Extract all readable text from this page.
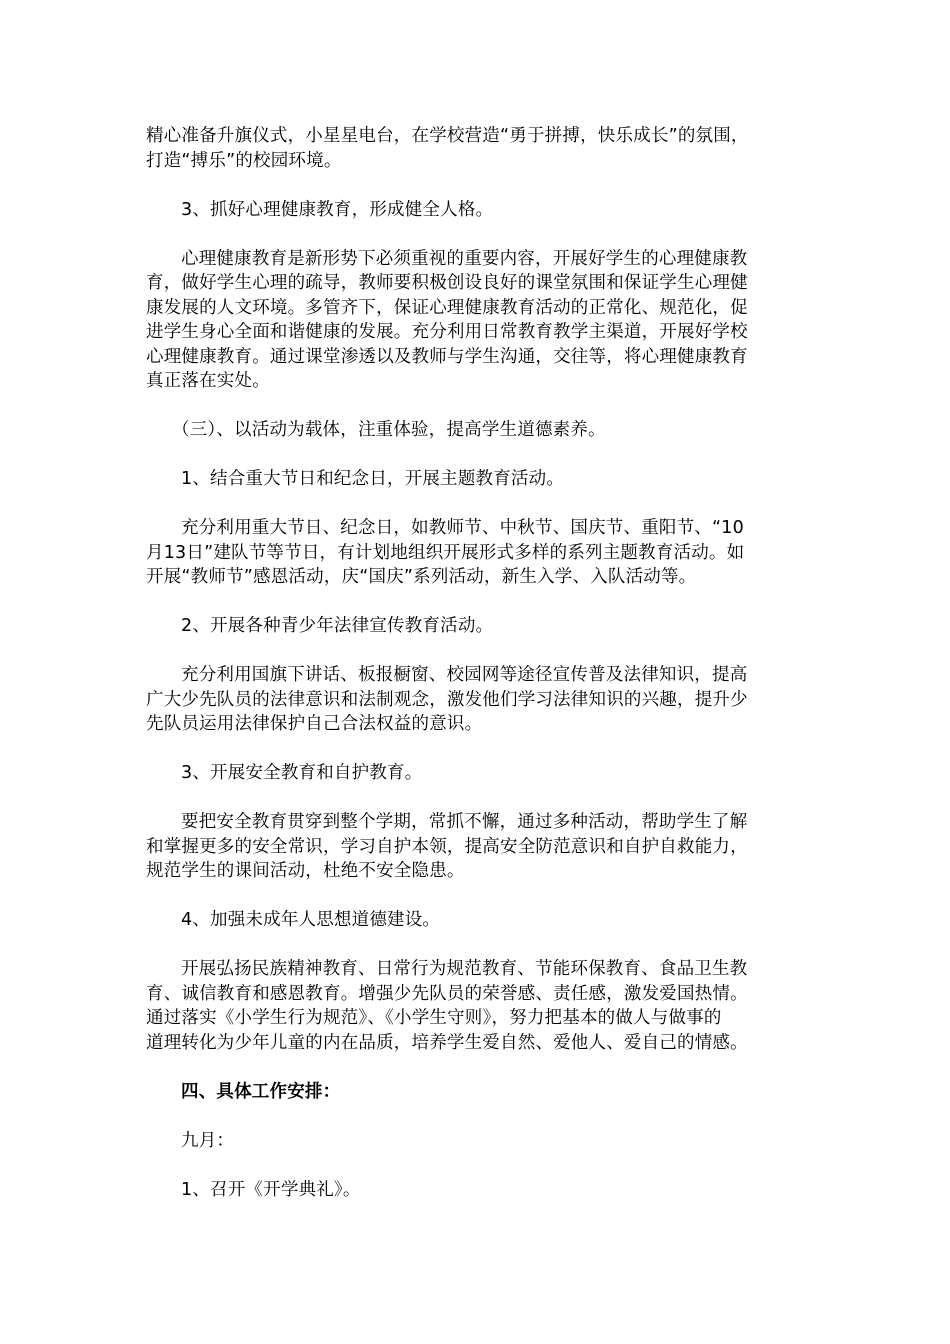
精心准备升旗仪式，小星星电台，在学校营造“勇于拼搏，快乐成长”的氛围，
打造“搏乐”的校园环境。

3、抓好心理健康教育，形成健全人格。

心理健康教育是新形势下必须重视的重要内容，开展好学生的心理健康教
育，做好学生心理的疏导，教师要积极创设良好的课堂氛围和保证学生心理健
康发展的人文环境。多管齐下，保证心理健康教育活动的正常化、规范化，促
进学生身心全面和谐健康的发展。充分利用日常教育教学主渠道，开展好学校
心理健康教育。通过课堂渗透以及教师与学生沟通，交往等，将心理健康教育
真正落在实处。

（三）、以活动为载体，注重体验，提高学生道德素养。

1、结合重大节日和纪念日，开展主题教育活动。

充分利用重大节日、纪念日，如教师节、中秋节、国庆节、重阳节、“10
月13日”建队节等节日，有计划地组织开展形式多样的系列主题教育活动。如
开展“教师节”感恩活动，庆“国庆”系列活动，新生入学、入队活动等。

2、开展各种青少年法律宣传教育活动。

充分利用国旗下讲话、板报橱窗、校园网等途径宣传普及法律知识，提高
广大少先队员的法律意识和法制观念，激发他们学习法律知识的兴趣，提升少
先队员运用法律保护自己合法权益的意识。

3、开展安全教育和自护教育。

要把安全教育贯穿到整个学期，常抓不懈，通过多种活动，帮助学生了解
和掌握更多的安全常识，学习自护本领，提高安全防范意识和自护自救能力，
规范学生的课间活动，杜绝不安全隐患。

4、加强未成年人思想道德建设。

开展弘扬民族精神教育、日常行为规范教育、节能环保教育、食品卫生教
育、诚信教育和感恩教育。增强少先队员的荣誉感、责任感，激发爱国热情。
通过落实《小学生行为规范》、《小学生守则》，努力把基本的做人与做事的
道理转化为少年儿童的内在品质，培养学生爱自然、爱他人、爱自己的情感。

四、具体工作安排：

九月：

1、召开《开学典礼》。
